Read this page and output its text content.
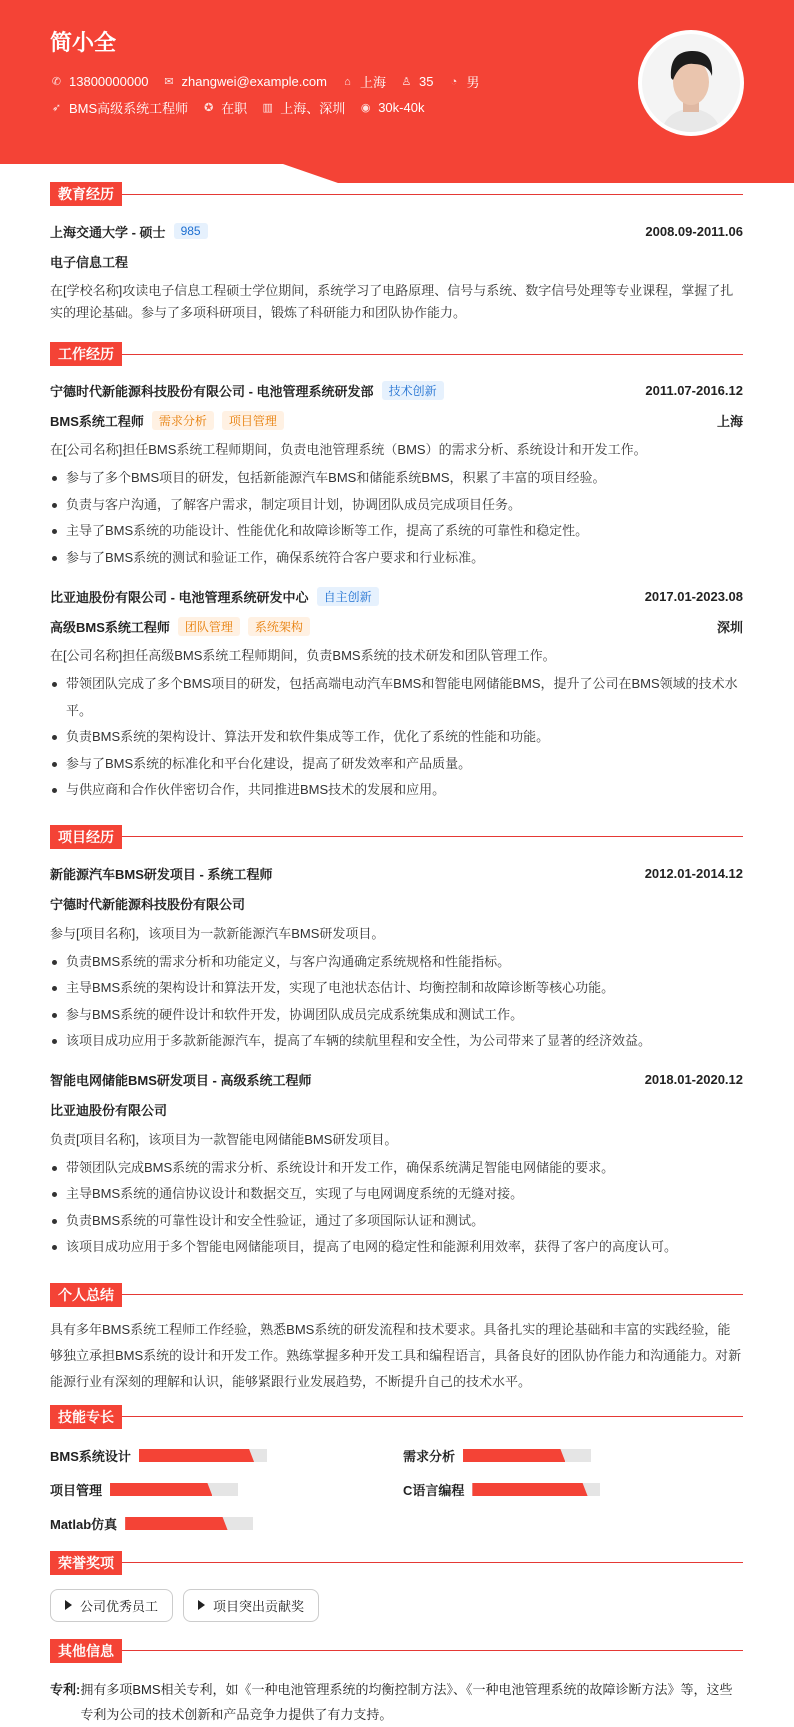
简小全
✆ 13800000000 ✉ zhangwei@example.com ⌂ 上海 ♙ 35 ◔ 男
➶ BMS高级系统工程师 ✪ 在职 ▥ 上海、深圳 ◉ 30k-40k
教育经历
上海交通大学 - 硕士	985	2008.09-2011.06
电子信息工程
在[学校名称]攻读电子信息工程硕士学位期间，系统学习了电路原理、信号与系统、数字信号处理等专业课程，掌握了扎实的理论基础。参与了多项科研项目，锻炼了科研能力和团队协作能力。
工作经历
宁德时代新能源科技股份有限公司 - 电池管理系统研发部	技术创新	2011.07-2016.12
BMS系统工程师	需求分析	项目管理	上海
在[公司名称]担任BMS系统工程师期间，负责电池管理系统（BMS）的需求分析、系统设计和开发工作。
参与了多个BMS项目的研发，包括新能源汽车BMS和储能系统BMS，积累了丰富的项目经验。
负责与客户沟通，了解客户需求，制定项目计划，协调团队成员完成项目任务。
主导了BMS系统的功能设计、性能优化和故障诊断等工作，提高了系统的可靠性和稳定性。
参与了BMS系统的测试和验证工作，确保系统符合客户要求和行业标准。
比亚迪股份有限公司 - 电池管理系统研发中心	自主创新	2017.01-2023.08
高级BMS系统工程师	团队管理	系统架构	深圳
在[公司名称]担任高级BMS系统工程师期间，负责BMS系统的技术研发和团队管理工作。
带领团队完成了多个BMS项目的研发，包括高端电动汽车BMS和智能电网储能BMS，提升了公司在BMS领域的技术水平。
负责BMS系统的架构设计、算法开发和软件集成等工作，优化了系统的性能和功能。
参与了BMS系统的标准化和平台化建设，提高了研发效率和产品质量。
与供应商和合作伙伴密切合作，共同推进BMS技术的发展和应用。
项目经历
新能源汽车BMS研发项目 - 系统工程师	2012.01-2014.12
宁德时代新能源科技股份有限公司
参与[项目名称]，该项目为一款新能源汽车BMS研发项目。
负责BMS系统的需求分析和功能定义，与客户沟通确定系统规格和性能指标。
主导BMS系统的架构设计和算法开发，实现了电池状态估计、均衡控制和故障诊断等核心功能。
参与BMS系统的硬件设计和软件开发，协调团队成员完成系统集成和测试工作。
该项目成功应用于多款新能源汽车，提高了车辆的续航里程和安全性，为公司带来了显著的经济效益。
智能电网储能BMS研发项目 - 高级系统工程师	2018.01-2020.12
比亚迪股份有限公司
负责[项目名称]，该项目为一款智能电网储能BMS研发项目。
带领团队完成BMS系统的需求分析、系统设计和开发工作，确保系统满足智能电网储能的要求。
主导BMS系统的通信协议设计和数据交互，实现了与电网调度系统的无缝对接。
负责BMS系统的可靠性设计和安全性验证，通过了多项国际认证和测试。
该项目成功应用于多个智能电网储能项目，提高了电网的稳定性和能源利用效率，获得了客户的高度认可。
个人总结
具有多年BMS系统工程师工作经验，熟悉BMS系统的研发流程和技术要求。具备扎实的理论基础和丰富的实践经验，能够独立承担BMS系统的设计和开发工作。熟练掌握多种开发工具和编程语言，具备良好的团队协作能力和沟通能力。对新能源行业有深刻的理解和认识，能够紧跟行业发展趋势，不断提升自己的技术水平。
技能专长
BMS系统设计	需求分析
项目管理	C语言编程
Matlab仿真
荣誉奖项
公司优秀员工	项目突出贡献奖
其他信息
专利: 拥有多项BMS相关专利，如《一种电池管理系统的均衡控制方法》、《一种电池管理系统的故障诊断方法》等，这些专利为公司的技术创新和产品竞争力提供了有力支持。
